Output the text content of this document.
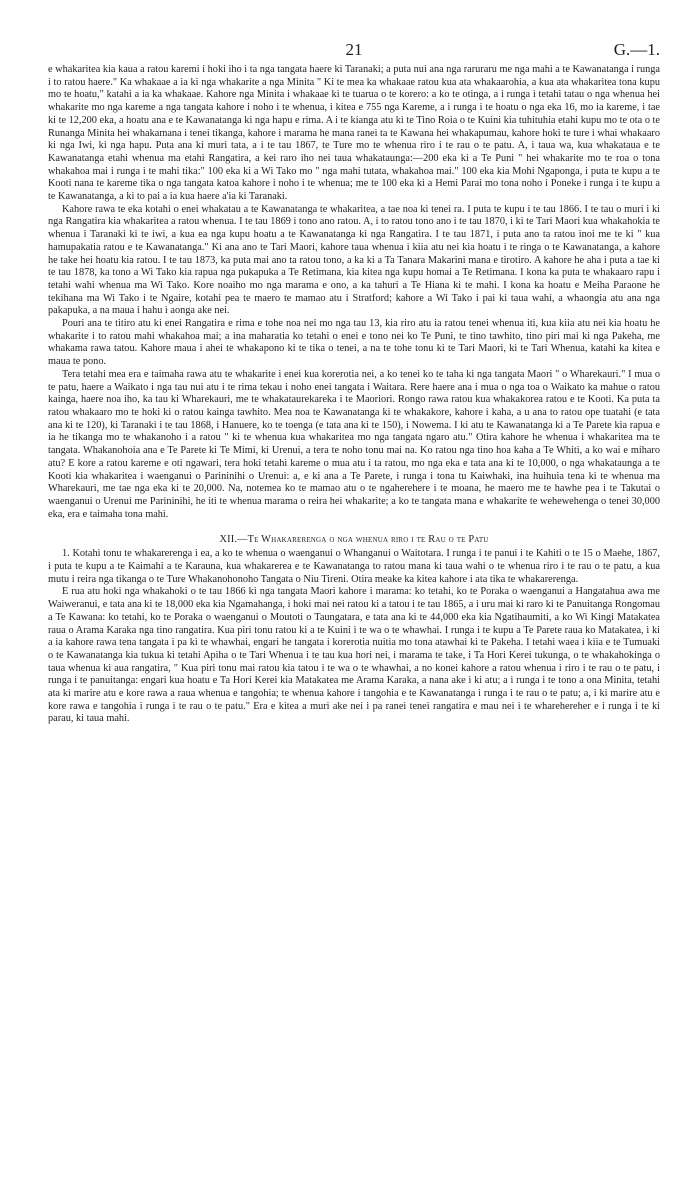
21	G.—1.

e whakaritea kia kaua a ratou karemi i hoki iho i ta nga tangata haere ki Taranaki; a puta nui ana nga raruraru me nga mahi a te Kawanatanga i runga i to ratou haere." Ka whakaae a ia ki nga whakarite a nga Minita " Ki te mea ka whakaae ratou kua ata whakaarohia, a kua ata whakaritea tona kupu mo te hoatu," katahi a ia ka whakaae. Kahore nga Minita i whakaae ki te tuarua o te korero: a ko te otinga, a i runga i tetahi tatau o nga whenua hei whakarite mo nga kareme a nga tangata kahore i noho i te whenua, i kitea e 755 nga Kareme, a i runga i te hoatu o nga eka 16, mo ia kareme, i tae ki te 12,200 eka, a hoatu ana e te Kawanatanga ki nga hapu e rima. A i te kianga atu ki te Tino Roia o te Kuini kia tuhituhia etahi kupu mo te ota o te Runanga Minita hei whakamana i tenei tikanga, kahore i marama he mana ranei ta te Kawana hei whakapumau, kahore hoki te ture i whai whakaaro ki nga Iwi, ki nga hapu. Puta ana ki muri tata, a i te tau 1867, te Ture mo te whenua riro i te rau o te patu. A, i taua wa, kua whakataua e te Kawanatanga etahi whenua ma etahi Rangatira, a kei raro iho nei taua whakataunga:—200 eka ki a Te Puni " hei whakarite mo te roa o tona whakahoa mai i runga i te mahi tika:" 100 eka ki a Wi Tako mo " nga mahi tutata, whakahoa mai." 100 eka kia Mohi Ngaponga, i puta te kupu a te Kooti nana te kareme tika o nga tangata katoa kahore i noho i te whenua; me te 100 eka ki a Hemi Parai mo tona noho i Poneke i runga i te kupu a te Kawanatanga, a ki to pai a ia kua haere a'ia ki Taranaki.

Kahore rawa te eka kotahi o enei whakatau a te Kawanatanga te whakaritea, a tae noa ki tenei ra. I puta te kupu i te tau 1866. I te tau o muri i ki nga Rangatira kia whakaritea a ratou whenua. I te tau 1869 i tono ano ratou. A, i to ratou tono ano i te tau 1870, i ki te Tari Maori kua whakahokia te whenua i Taranaki ki te iwi, a kua ea nga kupu hoatu a te Kawanatanga ki nga Rangatira. I te tau 1871, i puta ano ta ratou inoi me te ki " kua hamupakatia ratou e te Kawanatanga." Ki ana ano te Tari Maori, kahore taua whenua i kiia atu nei kia hoatu i te ringa o te Kawanatanga, a kahore he take hei hoatu kia ratou. I te tau 1873, ka puta mai ano ta ratou tono, a ka ki a Ta Tanara Makarini mana e tirotiro. A kahore he aha i puta a tae ki te tau 1878, ka tono a Wi Tako kia rapua nga pukapuka a Te Retimana, kia kitea nga kupu homai a Te Retimana. I kona ka puta te whakaaro rapu i tetahi wahi whenua ma Wi Tako. Kore noaiho mo nga marama e ono, a ka tahuri a Te Hiana ki te mahi. I kona ka hoatu e Meiha Paraone he tekihana ma Wi Tako i te Ngaire, kotahi pea te maero te mamao atu i Stratford; kahore a Wi Tako i pai ki taua wahi, a whaongia atu ana nga pakapuka, a na maua i hahu i aonga ake nei.

Pouri ana te titiro atu ki enei Rangatira e rima e tohe noa nei mo nga tau 13, kia riro atu ia ratou tenei whenua iti, kua kiia atu nei kia hoatu he whakarite i to ratou mahi whakahoa mai; a ina maharatia ko tetahi o enei e tono nei ko Te Puni, te tino tawhito, tino piri mai ki nga Pakeha, me whakama rawa tatou. Kahore maua i ahei te whakapono ki te tika o tenei, a na te tohe tonu ki te Tari Maori, ki te Tari Whenua, katahi ka kitea e maua te pono.

Tera tetahi mea era e taimaha rawa atu te whakarite i enei kua korerotia nei, a ko tenei ko te taha ki nga tangata Maori " o Wharekauri." I mua o te patu, haere a Waikato i nga tau nui atu i te rima tekau i noho enei tangata i Waitara. Rere haere ana i mua o nga toa o Waikato ka mahue o ratou kainga, haere noa iho, ka tau ki Wharekauri, me te whakataurekareka i te Maoriori. Rongo rawa ratou kua whakakorea ratou e te Kooti. Ka puta ta ratou whakaaro mo te hoki ki o ratou kainga tawhito. Mea noa te Kawanatanga ki te whakakore, kahore i kaha, a u ana to ratou ope tuatahi (e tata ana ki te 120), ki Taranaki i te tau 1868, i Hanuere, ko te toenga (e tata ana ki te 150), i Nowema. I ki atu te Kawanatanga ki a Te Parete kia rapua e ia he tikanga mo te whakanoho i a ratou " ki te whenua kua whakaritea mo nga tangata ngaro atu." Otira kahore he whenua i whakaritea ma te tangata. Whakanohoia ana e Te Parete ki Te Mimi, ki Urenui, a tera te noho tonu mai na. Ko ratou nga tino hoa kaha a Te Whiti, a ko wai e miharo atu? E kore a ratou kareme e oti ngawari, tera hoki tetahi kareme o mua atu i ta ratou, mo nga eka e tata ana ki te 10,000, o nga whakataunga a te Kooti kia whakaritea i waenganui o Parininihi o Urenui: a, e ki ana a Te Parete, i runga i tona tu Kaiwhaki, ina huihuia tena ki te whenua ma Wharekauri, me tae nga eka ki te 20,000. Na, notemea ko te mamao atu o te ngaherehere i te moana, he maero me te hawhe pea i te Takutai o waenganui o Urenui me Parininihi, he iti te whenua marama o reira hei whakarite; a ko te tangata mana e whakarite te wehewehenga o tenei 30,000 eka, era e taimaha tona mahi.

XII.—Te Whakarerenga o nga whenua riro i te Rau o te Patu

1. Kotahi tonu te whakarerenga i ea, a ko te whenua o waenganui o Whanganui o Waitotara. I runga i te panui i te Kahiti o te 15 o Maehe, 1867, i puta te kupu a te Kaimahi a te Karauna, kua whakarerea e te Kawanatanga to ratou mana ki taua wahi o te whenua riro i te rau o te patu, a kua mutu i reira nga tikanga o te Ture Whakanohonoho Tangata o Niu Tireni. Otira meake ka kitea kahore i ata tika te whakarerenga.

E rua atu hoki nga whakahoki o te tau 1866 ki nga tangata Maori kahore i marama: ko tetahi, ko te Poraka o waenganui a Hangatahua awa me Waiweranui, e tata ana ki te 18,000 eka kia Ngamahanga, i hoki mai nei ratou ki a tatou i te tau 1865, a i uru mai ki raro ki te Panuitanga Rongomau a Te Kawana: ko tetahi, ko te Poraka o waenganui o Moutoti o Taungatara, e tata ana ki te 44,000 eka kia Ngatihaumiti, a ko Wi Kingi Matakatea raua o Arama Karaka nga tino rangatira. Kua piri tonu ratou ki a te Kuini i te wa o te whawhai. I runga i te kupu a Te Parete raua ko Matakatea, i ki a ia kahore rawa tena tangata i pa ki te whawhai, engari he tangata i korerotia nuitia mo tona atawhai ki te Pakeha. I tetahi waea i kiia e te Tumuaki o te Kawanatanga kia tukua ki tetahi Apiha o te Tari Whenua i te tau kua hori nei, i marama te take, i Ta Hori Kerei tukunga, o te whakahokinga o taua whenua ki aua rangatira, " Kua piri tonu mai ratou kia tatou i te wa o te whawhai, a no konei kahore a ratou whenua i riro i te rau o te patu, i runga i te panuitanga: engari kua hoatu e Ta Hori Kerei kia Matakatea me Arama Karaka, a nana ake i ki atu; a i runga i te tono a ona Minita, tetahi ata ki marire atu e kore rawa a raua whenua e tangohia; te whenua kahore i tangohia e te Kawanatanga i runga i te rau o te patu; a, i ki marire atu e kore rawa e tangohia i runga i te rau o te patu." Era e kitea a muri ake nei i pa ranei tenei rangatira e mau nei i te wharehereher e i runga i te ki parau, ki taua mahi.
